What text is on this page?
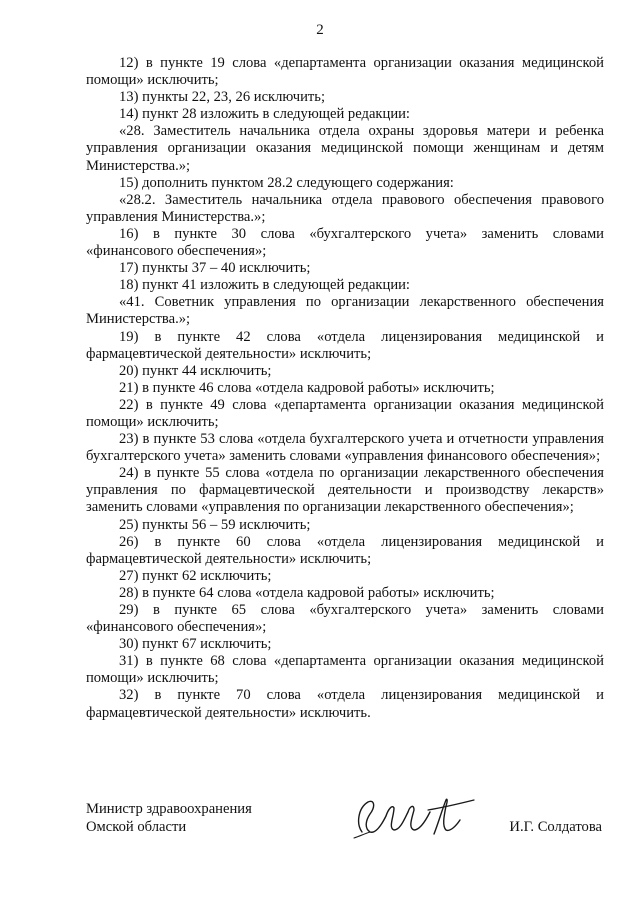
2

12) в пункте 19 слова «департамента организации оказания медицинской помощи» исключить;

13) пункты 22, 23, 26 исключить;

14) пункт 28 изложить в следующей редакции:

«28. Заместитель начальника отдела охраны здоровья матери и ребенка управления организации оказания медицинской помощи женщинам и детям Министерства.»;

15) дополнить пунктом 28.2 следующего содержания:

«28.2. Заместитель начальника отдела правового обеспечения правового управления Министерства.»;

16) в пункте 30 слова «бухгалтерского учета» заменить словами «финансового обеспечения»;

17) пункты 37 – 40 исключить;

18) пункт 41 изложить в следующей редакции:

«41. Советник управления по организации лекарственного обеспечения Министерства.»;

19) в пункте 42 слова «отдела лицензирования медицинской и фармацевтической деятельности» исключить;

20) пункт 44 исключить;

21) в пункте 46 слова «отдела кадровой работы» исключить;

22) в пункте 49 слова «департамента организации оказания медицинской помощи» исключить;

23) в пункте 53 слова «отдела бухгалтерского учета и отчетности управления бухгалтерского учета» заменить словами «управления финансового обеспечения»;

24) в пункте 55 слова «отдела по организации лекарственного обеспечения управления по фармацевтической деятельности и производству лекарств» заменить словами «управления по организации лекарственного обеспечения»;

25) пункты 56 – 59 исключить;

26) в пункте 60 слова «отдела лицензирования медицинской и фармацевтической деятельности» исключить;

27) пункт 62 исключить;

28) в пункте 64 слова «отдела кадровой работы» исключить;

29) в пункте 65 слова «бухгалтерского учета» заменить словами «финансового обеспечения»;

30) пункт 67 исключить;

31) в пункте 68 слова «департамента организации оказания медицинской помощи» исключить;

32) в пункте 70 слова «отдела лицензирования медицинской и фармацевтической деятельности» исключить.

Министр здравоохранения
Омской области	И.Г. Солдатова
